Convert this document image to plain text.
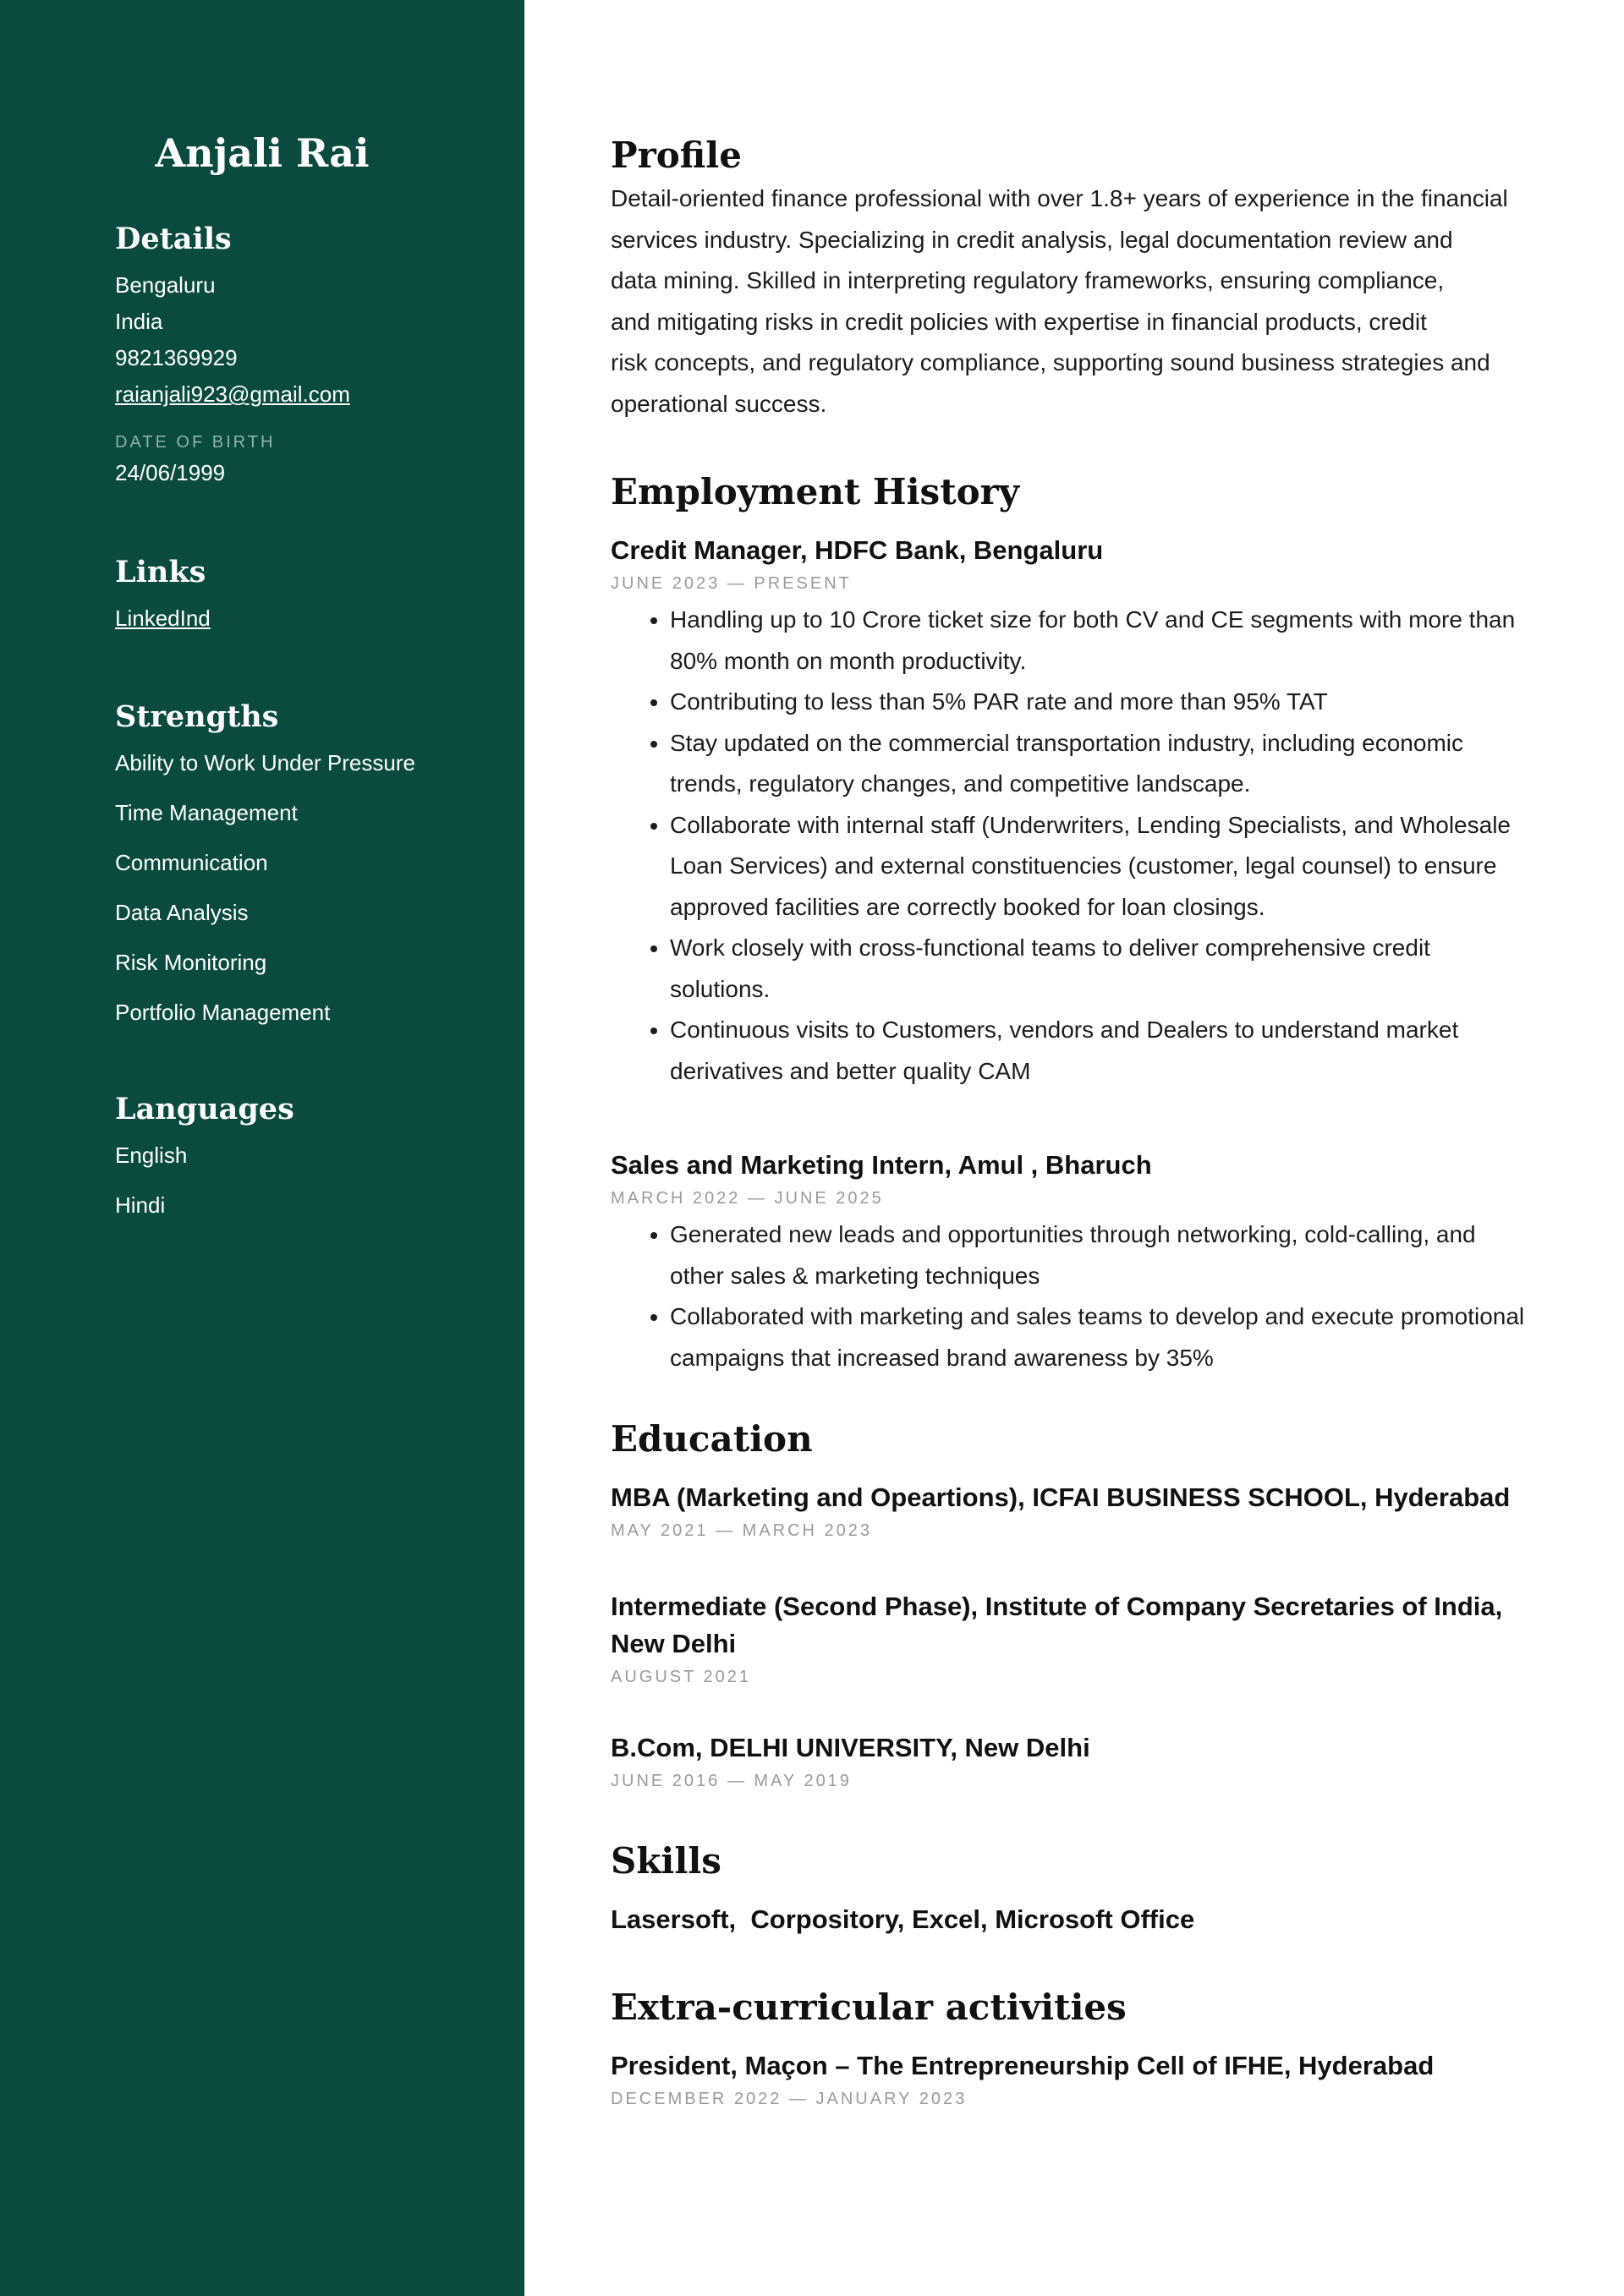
Anjali Rai
Details

Bengaluru

India

9821369929

raianjali923@gmail.com

DATE OF BIRTH

24/06/1999

Links

LinkedInd

Strengths
Ability to Work Under Pressure
Time Management
Communication
Data Analysis
Risk Monitoring
Portfolio Management
Languages
English
Hindi
Profile

Detail-oriented finance professional with over 1.8+ years of experience in the financial

services industry. Specializing in credit analysis, legal documentation review and

data mining. Skilled in interpreting regulatory frameworks, ensuring compliance,

and mitigating risks in credit policies with expertise in financial products, credit

risk concepts, and regulatory compliance, supporting sound business strategies and

operational success.

Employment History

Credit Manager, HDFC Bank, Bengaluru

JUNE 2023 — PRESENT

• Handling up to 10 Crore ticket size for both CV and CE segments with more than 80% month on month productivity.
• Contributing to less than 5% PAR rate and more than 95% TAT
• Stay updated on the commercial transportation industry, including economic trends, regulatory changes, and competitive landscape.
• Collaborate with internal staff (Underwriters, Lending Specialists, and Wholesale Loan Services) and external constituencies (customer, legal counsel) to ensure approved facilities are correctly booked for loan closings.
• Work closely with cross-functional teams to deliver comprehensive credit solutions.
• Continuous visits to Customers, vendors and Dealers to understand market derivatives and better quality CAM

Sales and Marketing Intern, Amul , Bharuch

MARCH 2022 — JUNE 2025

• Generated new leads and opportunities through networking, cold-calling, and other sales & marketing techniques
• Collaborated with marketing and sales teams to develop and execute promotional campaigns that increased brand awareness by 35%
Education

MBA (Marketing and Opeartions), ICFAI BUSINESS SCHOOL, Hyderabad

MAY 2021 — MARCH 2023

Intermediate (Second Phase), Institute of Company Secretaries of India,

New Delhi

AUGUST 2021

B.Com, DELHI UNIVERSITY, New Delhi

JUNE 2016 — MAY 2019

Skills

Lasersoft,  Corpository, Excel, Microsoft Office

Extra-curricular activities

President, Maçon – The Entrepreneurship Cell of IFHE, Hyderabad

DECEMBER 2022 — JANUARY 2023
